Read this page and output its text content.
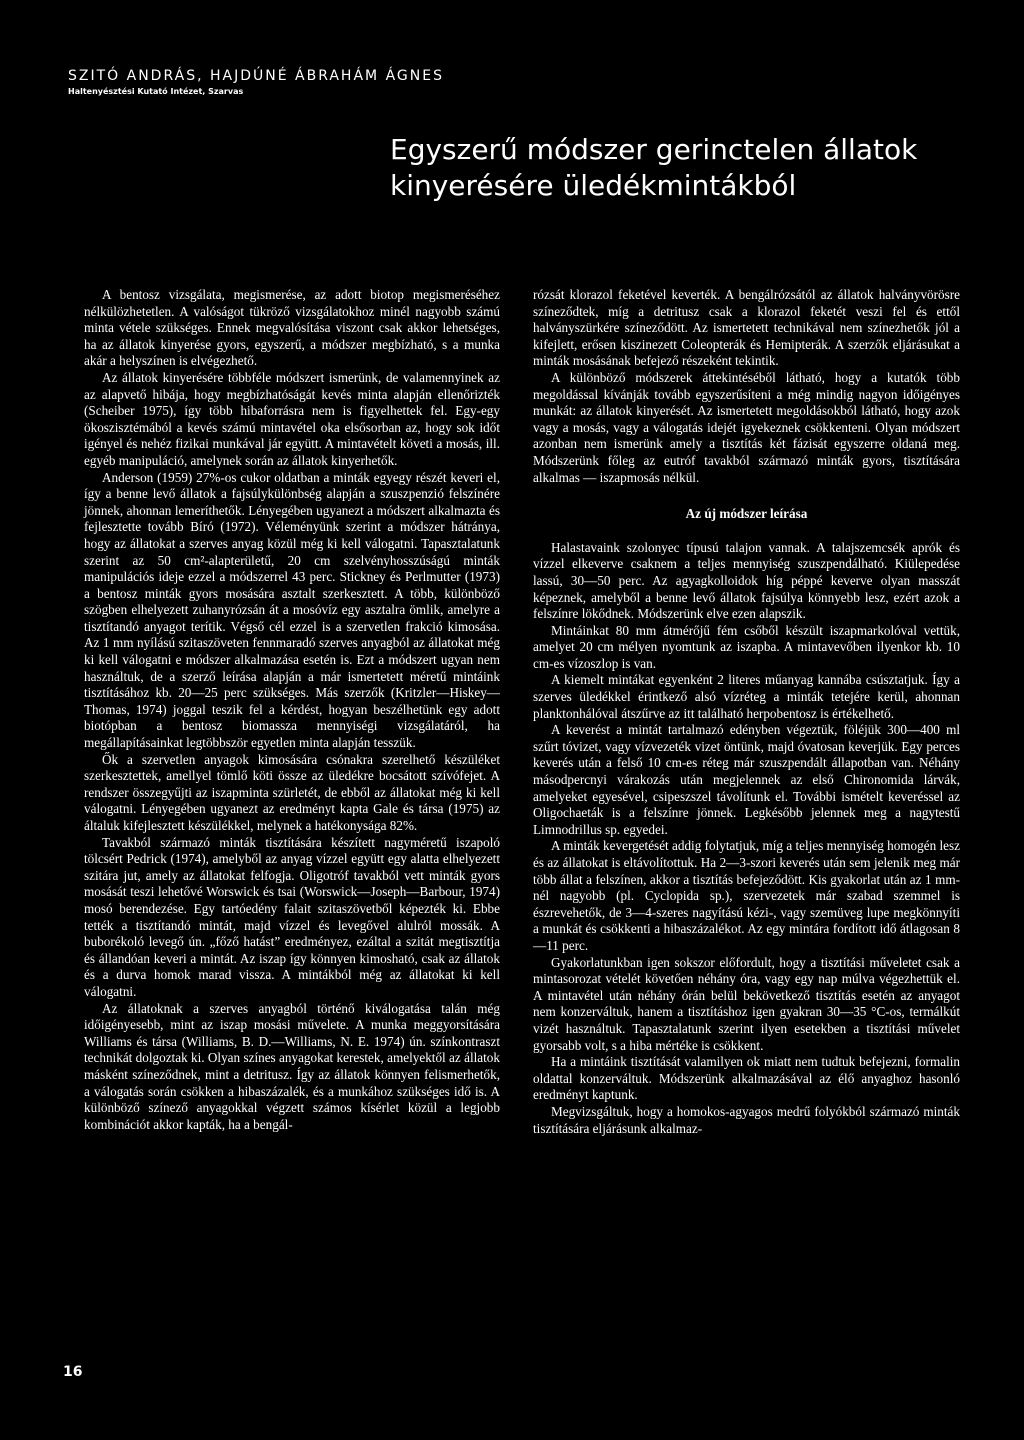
SZITÓ ANDRÁS, HAJDÚNÉ ÁBRAHÁM ÁGNES
Haltenyésztési Kutató Intézet, Szarvas
Egyszerű módszer gerinctelen állatok
kinyerésére üledékmintákból

A bentosz vizsgálata, megismerése, az adott biotop megismeréséhez nélkülözhetetlen. A valóságot tükröző vizsgálatokhoz minél nagyobb számú minta vétele szükséges. Ennek megvalósítása viszont csak akkor lehetséges, ha az állatok kinyerése gyors, egyszerű, a módszer megbízható, s a munka akár a helyszínen is elvégezhető.

Az állatok kinyerésére többféle módszert ismerünk, de valamennyinek az az alapvető hibája, hogy megbízhatóságát kevés minta alapján ellenőrizték (Scheiber 1975), így több hibaforrásra nem is figyelhettek fel. Egy-egy ökoszisztémából a kevés számú mintavétel oka elsősorban az, hogy sok időt igényel és nehéz fizikai munkával jár együtt. A mintavételt követi a mosás, ill. egyéb manipuláció, amelynek során az állatok kinyerhetők.

Anderson (1959) 27%-os cukor oldatban a minták egyegy részét keveri el, így a benne levő állatok a fajsúlykülönbség alapján a szuszpenzió felszínére jönnek, ahonnan lemeríthetők. Lényegében ugyanezt a módszert alkalmazta és fejlesztette tovább Bíró (1972). Véleményünk szerint a módszer hátránya, hogy az állatokat a szerves anyag közül még ki kell válogatni. Tapasztalatunk szerint az 50 cm²-alapterületű, 20 cm szelvényhosszúságú minták manipulációs ideje ezzel a módszerrel 43 perc. Stickney és Perlmutter (1973) a bentosz minták gyors mosására asztalt szerkesztett. A több, különböző szögben elhelyezett zuhanyrózsán át a mosóvíz egy asztalra ömlik, amelyre a tisztítandó anyagot terítik. Végső cél ezzel is a szervetlen frakció kimosása. Az 1 mm nyílású szitaszöveten fennmaradó szerves anyagból az állatokat még ki kell válogatni e módszer alkalmazása esetén is. Ezt a módszert ugyan nem használtuk, de a szerző leírása alapján a már ismertetett méretű mintáink tisztításához kb. 20—25 perc szükséges. Más szerzők (Kritzler—Hiskey— Thomas, 1974) joggal teszik fel a kérdést, hogyan beszélhetünk egy adott biotópban a bentosz biomassza mennyiségi vizsgálatáról, ha megállapításainkat legtöbbször egyetlen minta alapján tesszük.

Ők a szervetlen anyagok kimosására csónakra szerelhető készüléket szerkesztettek, amellyel tömlő köti össze az üledékre bocsátott szívófejet. A rendszer összegyűjti az iszapminta szürletét, de ebből az állatokat még ki kell válogatni. Lényegében ugyanezt az eredményt kapta Gale és társa (1975) az általuk kifejlesztett készülékkel, melynek a hatékonysága 82%.

Tavakból származó minták tisztítására készített nagyméretű iszapoló tölcsért Pedrick (1974), amelyből az anyag vízzel együtt egy alatta elhelyezett szitára jut, amely az állatokat felfogja. Oligotróf tavakból vett minták gyors mosását teszi lehetővé Worswick és tsai (Worswick—Joseph—Barbour, 1974) mosó berendezése. Egy tartóedény falait szitaszövetből képezték ki. Ebbe tették a tisztítandó mintát, majd vízzel és levegővel alulról mossák. A buborékoló levegő ún. „főző hatást” eredményez, ezáltal a szitát megtisztítja és állandóan keveri a mintát. Az iszap így könnyen kimosható, csak az állatok és a durva homok marad vissza. A mintákból még az állatokat ki kell válogatni.

Az állatoknak a szerves anyagból történő kiválogatása talán még időigényesebb, mint az iszap mosási művelete. A munka meggyorsítására Williams és társa (Williams, B. D.—Williams, N. E. 1974) ún. színkontraszt technikát dolgoztak ki. Olyan színes anyagokat kerestek, amelyektől az állatok másként színeződnek, mint a detritusz. Így az állatok könnyen felismerhetők, a válogatás során csökken a hibaszázalék, és a munkához szükséges idő is. A különböző színező anyagokkal végzett számos kísérlet közül a legjobb kombinációt akkor kapták, ha a bengál-

rózsát klorazol feketével keverték. A bengálrózsától az állatok halványvörösre színeződtek, míg a detritusz csak a klorazol feketét veszi fel és ettől halványszürkére színeződött. Az ismertetett technikával nem színezhetők jól a kifejlett, erősen kiszinezett Coleopterák és Hemipterák. A szerzők eljárásukat a minták mosásának befejező részeként tekintik.

A különböző módszerek áttekintéséből látható, hogy a kutatók több megoldással kívánják tovább egyszerűsíteni a még mindig nagyon időigényes munkát: az állatok kinyerését. Az ismertetett megoldásokból látható, hogy azok vagy a mosás, vagy a válogatás idejét igyekeznek csökkenteni. Olyan módszert azonban nem ismerünk amely a tisztítás két fázisát egyszerre oldaná meg. Módszerünk főleg az eutróf tavakból származó minták gyors, tisztítására alkalmas — iszapmosás nélkül.

Az új módszer leírása

Halastavaink szolonyec típusú talajon vannak. A talajszemcsék aprók és vízzel elkeverve csaknem a teljes mennyiség szuszpendálható. Kiülepedése lassú, 30—50 perc. Az agyagkolloidok híg péppé keverve olyan masszát képeznek, amelyből a benne levő állatok fajsúlya könnyebb lesz, ezért azok a felszínre lökődnek. Módszerünk elve ezen alapszik.

Mintáinkat 80 mm átmérőjű fém csőből készült iszapmarkolóval vettük, amelyet 20 cm mélyen nyomtunk az iszapba. A mintavevőben ilyenkor kb. 10 cm-es vízoszlop is van.

A kiemelt mintákat egyenként 2 literes műanyag kannába csúsztatjuk. Így a szerves üledékkel érintkező alsó vízréteg a minták tetejére kerül, ahonnan planktonhálóval átszűrve az itt található herpobentosz is értékelhető.

A keverést a mintát tartalmazó edényben végeztük, föléjük 300—400 ml szűrt tóvizet, vagy vízvezeték vizet öntünk, majd óvatosan keverjük. Egy perces keverés után a felső 10 cm-es réteg már szuszpendált állapotban van. Néhány másodpercnyi várakozás után megjelennek az első Chironomida lárvák, amelyeket egyesével, csipeszszel távolítunk el. További ismételt keveréssel az Oligochaeták is a felszínre jönnek. Legkésőbb jelennek meg a nagytestű Limnodrillus sp. egyedei.

A minták kevergetését addig folytatjuk, míg a teljes mennyiség homogén lesz és az állatokat is eltávolítottuk. Ha 2—3-szori keverés után sem jelenik meg már több állat a felszínen, akkor a tisztítás befejeződött. Kis gyakorlat után az 1 mm-nél nagyobb (pl. Cyclopida sp.), szervezetek már szabad szemmel is észrevehetők, de 3—4-szeres nagyítású kézi-, vagy szemüveg lupe megkönnyíti a munkát és csökkenti a hibaszázalékot. Az egy mintára fordított idő átlagosan 8—11 perc.

Gyakorlatunkban igen sokszor előfordult, hogy a tisztítási műveletet csak a mintasorozat vételét követően néhány óra, vagy egy nap múlva végezhettük el. A mintavétel után néhány órán belül bekövetkező tisztítás esetén az anyagot nem konzerváltuk, hanem a tisztításhoz igen gyakran 30—35 °C-os, termálkút vizét használtuk. Tapasztalatunk szerint ilyen esetekben a tisztítási művelet gyorsabb volt, s a hiba mértéke is csökkent.

Ha a mintáink tisztítását valamilyen ok miatt nem tudtuk befejezni, formalin oldattal konzerváltuk. Módszerünk alkalmazásával az élő anyaghoz hasonló eredményt kaptunk.

Megvizsgáltuk, hogy a homokos-agyagos medrű folyókból származó minták tisztítására eljárásunk alkalmaz-

16
